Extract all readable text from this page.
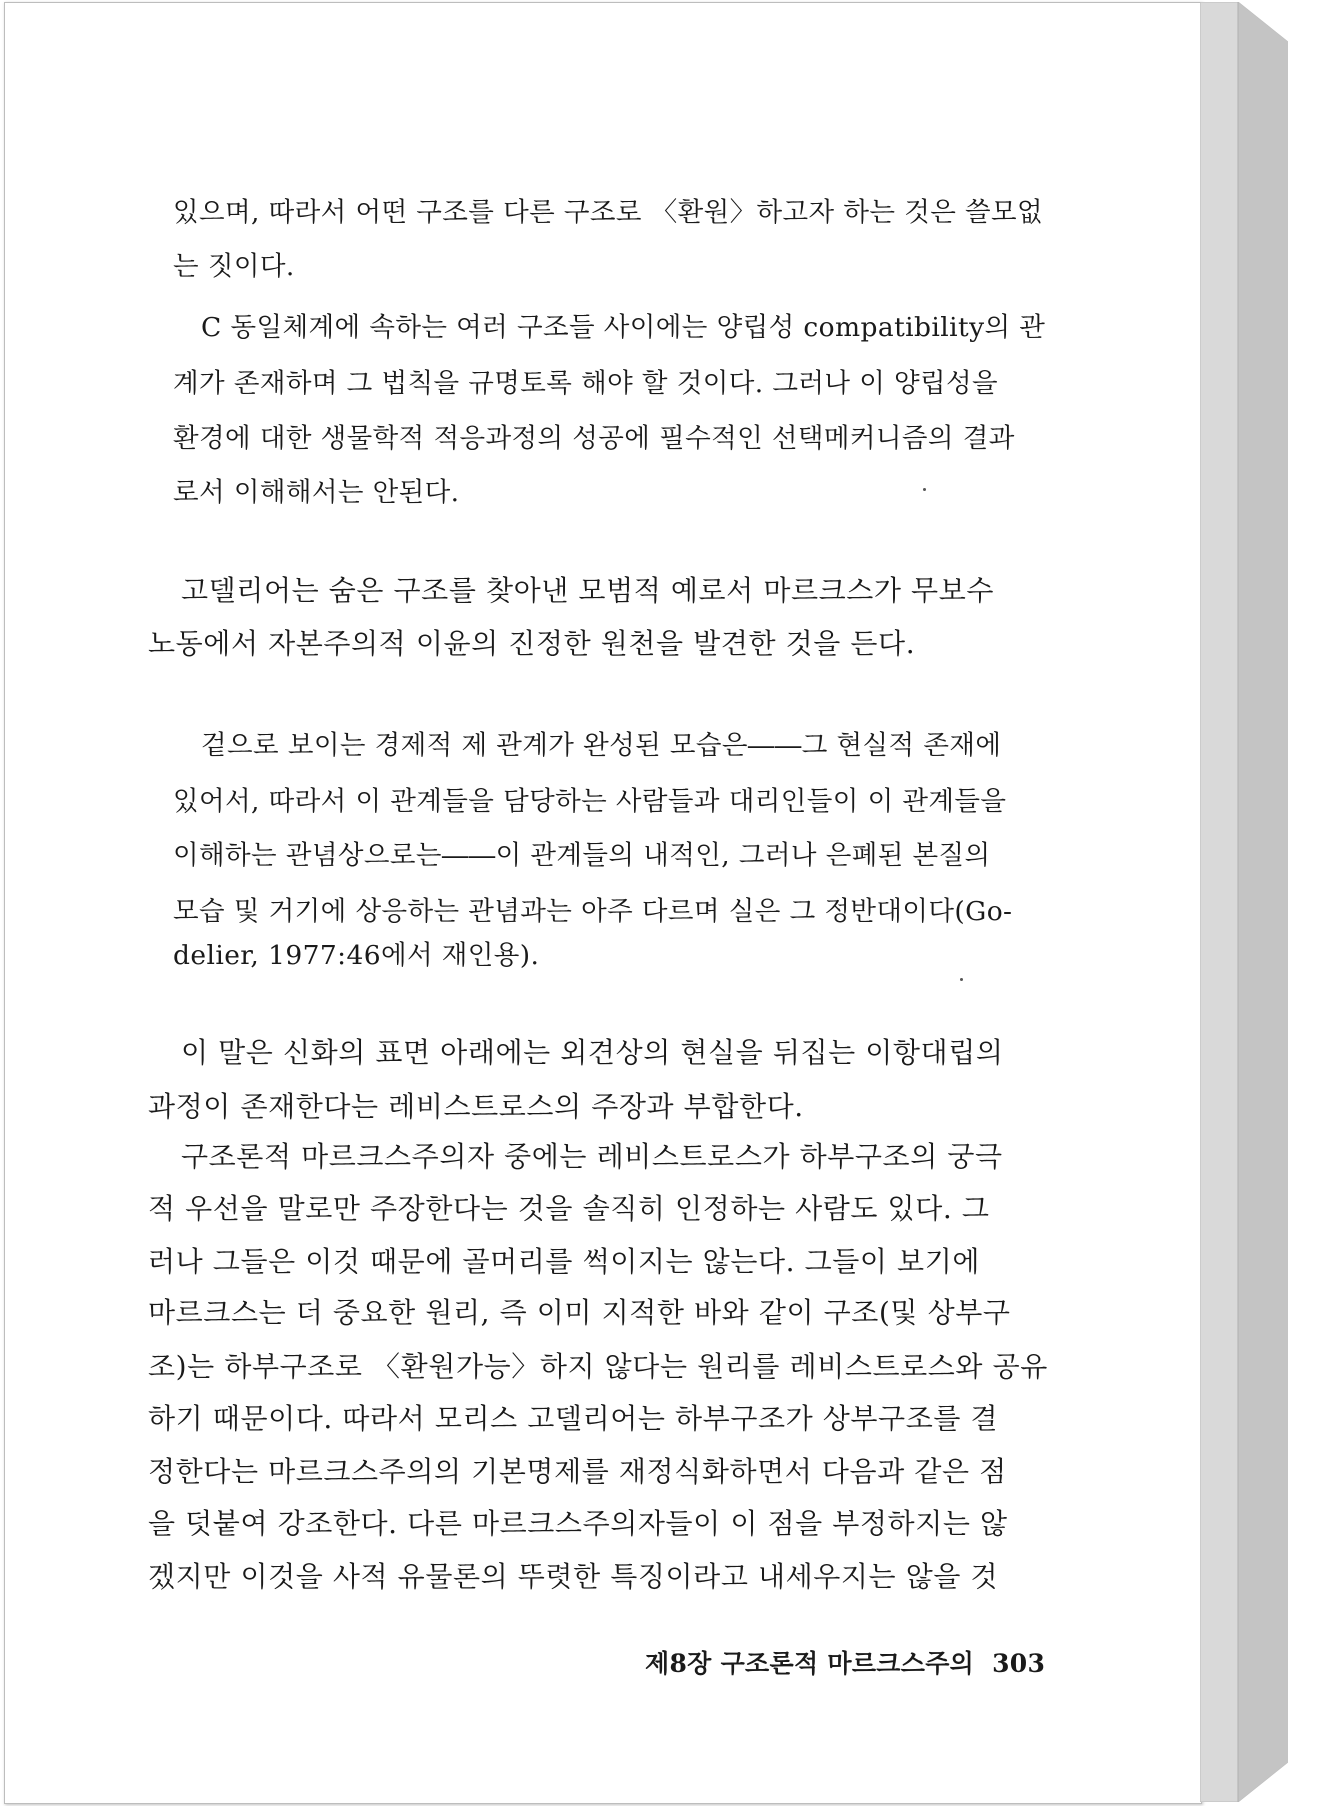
있으며, 따라서 어떤 구조를 다른 구조로 〈환원〉하고자 하는 것은 쓸모없
는 짓이다.
C 동일체계에 속하는 여러 구조들 사이에는 양립성 compatibility의 관
계가 존재하며 그 법칙을 규명토록 해야 할 것이다. 그러나 이 양립성을
환경에 대한 생물학적 적응과정의 성공에 필수적인 선택메커니즘의 결과
로서 이해해서는 안된다.
고델리어는 숨은 구조를 찾아낸 모범적 예로서 마르크스가 무보수
노동에서 자본주의적 이윤의 진정한 원천을 발견한 것을 든다.
겉으로 보이는 경제적 제 관계가 완성된 모습은――그 현실적 존재에
있어서, 따라서 이 관계들을 담당하는 사람들과 대리인들이 이 관계들을
이해하는 관념상으로는――이 관계들의 내적인, 그러나 은폐된 본질의
모습 및 거기에 상응하는 관념과는 아주 다르며 실은 그 정반대이다(Go-
delier, 1977:46에서 재인용).
이 말은 신화의 표면 아래에는 외견상의 현실을 뒤집는 이항대립의
과정이 존재한다는 레비스트로스의 주장과 부합한다.
구조론적 마르크스주의자 중에는 레비스트로스가 하부구조의 궁극
적 우선을 말로만 주장한다는 것을 솔직히 인정하는 사람도 있다. 그
러나 그들은 이것 때문에 골머리를 썩이지는 않는다. 그들이 보기에
마르크스는 더 중요한 원리, 즉 이미 지적한 바와 같이 구조(및 상부구
조)는 하부구조로 〈환원가능〉하지 않다는 원리를 레비스트로스와 공유
하기 때문이다. 따라서 모리스 고델리어는 하부구조가 상부구조를 결
정한다는 마르크스주의의 기본명제를 재정식화하면서 다음과 같은 점
을 덧붙여 강조한다. 다른 마르크스주의자들이 이 점을 부정하지는 않
겠지만 이것을 사적 유물론의 뚜렷한 특징이라고 내세우지는 않을 것
제8장 구조론적 마르크스주의 303
